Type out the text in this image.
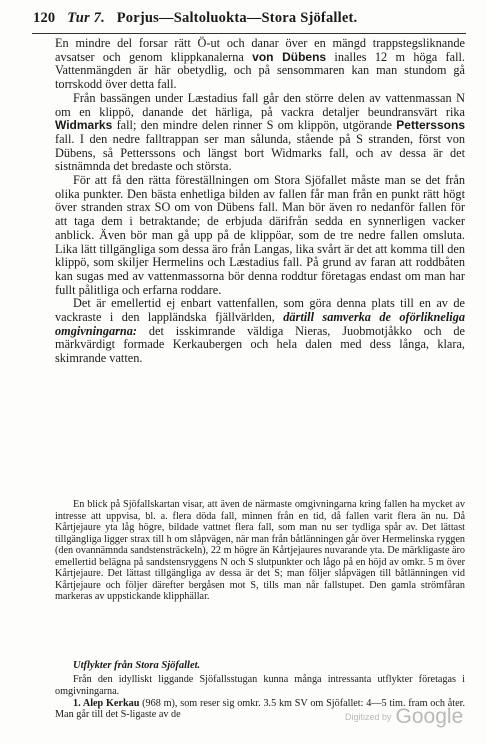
120 Tur 7. Porjus—Saltoluokta—Stora Sjöfallet.

En mindre del forsar rätt Ö-ut och danar över en mängd trappstegsliknande avsatser och genom klippkanalerna von Dübens inalles 12 m höga fall. Vattenmängden är här obetydlig, och på sensommaren kan man stundom gå torrskodd över detta fall.

Från bassängen under Læstadius fall går den större delen av vattenmassan N om en klippö, danande det härliga, på vackra detaljer beundransvärt rika Widmarks fall; den mindre delen rinner S om klippön, utgörande Petterssons fall. I den nedre falltrappan ser man sålunda, stående på S stranden, först von Dübens, så Petterssons och längst bort Widmarks fall, och av dessa är det sistnämnda det bredaste och största.

För att få den rätta föreställningen om Stora Sjöfallet måste man se det från olika punkter. Den bästa enhetliga bilden av fallen får man från en punkt rätt högt över stranden strax SO om von Dübens fall. Man bör även ro nedanför fallen för att taga dem i betraktande; de erbjuda därifrån sedda en synnerligen vacker anblick. Även bör man gå upp på de klippöar, som de tre nedre fallen omsluta. Lika lätt tillgängliga som dessa äro från Langas, lika svårt är det att komma till den klippö, som skiljer Hermelins och Læstadius fall. På grund av faran att roddbåten kan sugas med av vattenmassorna bör denna roddtur företagas endast om man har fullt pålitliga och erfarna roddare.

Det är emellertid ej enbart vattenfallen, som göra denna plats till en av de vackraste i den lappländska fjällvärlden, därtill samverka de oförlikneliga omgivningarna: det isskimrande väldiga Nieras, Juobmotjåkko och de märkvärdigt formade Kerkaubergen och hela dalen med dess långa, klara, skimrande vatten.

En blick på Sjöfallskartan visar, att även de närmaste omgivningarna kring fallen ha mycket av intresse att uppvisa, bl. a. flera döda fall, minnen från en tid, då fallen varit flera än nu. Då Kårtjejaure yta låg högre, bildade vattnet flera fall, som man nu ser tydliga spår av. Det lättast tillgängliga ligger strax till h om slåpvägen, när man från båtlänningen går över Hermelinska ryggen (den ovannämnda sandstensträckeln), 22 m högre än Kårtjejaures nuvarande yta. De märkligaste äro emellertid belägna på sandstensryggens N och S slutpunkter och lågo på en höjd av omkr. 5 m över Kårtjejaure. Det lättast tillgängliga av dessa är det S; man följer slåpvägen till båtlänningen vid Kårtjejaure och följer därefter bergåsen mot S, tills man når fallstupet. Den gamla strömfåran markeras av uppstickande klipphällar.

Utflykter från Stora Sjöfallet.

Från den idylliskt liggande Sjöfallsstugan kunna många intressanta utflykter företagas i omgivningarna.

1. Alep Kerkau (968 m), som reser sig omkr. 3.5 km SV om Sjöfallet: 4—5 tim. fram och åter. Man går till det S-ligaste av de	Digitized by Google
